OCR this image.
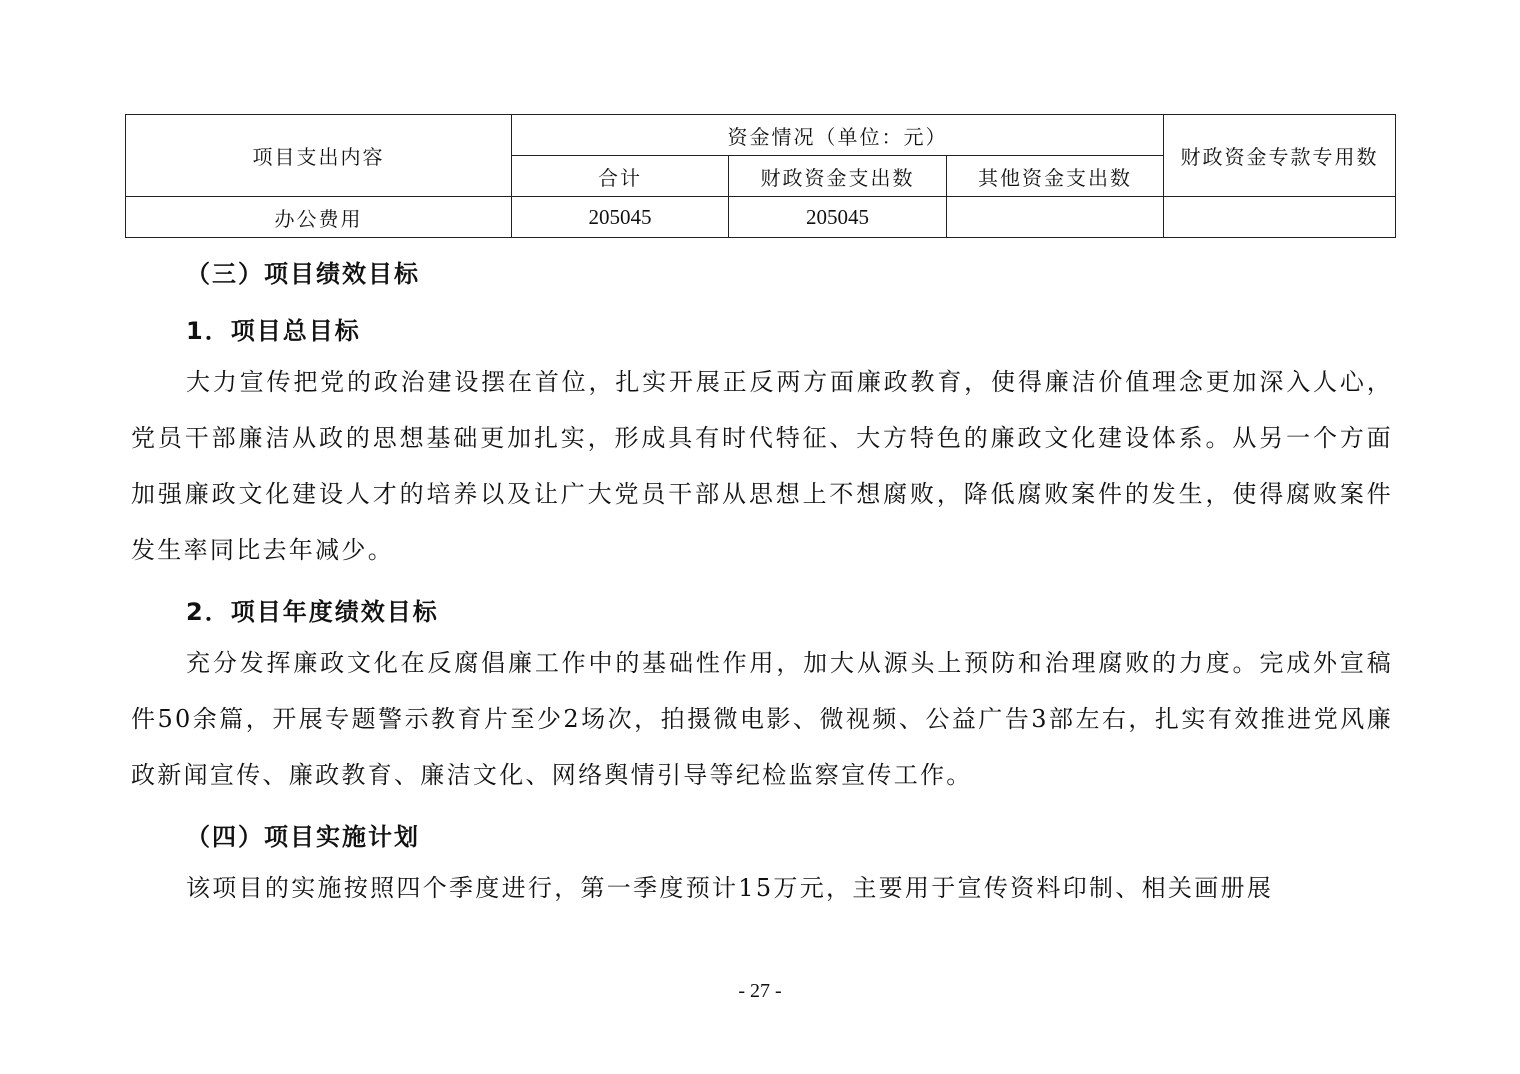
项目支出内容	资金情况（单位：元）			财政资金专款专用数
	合计	财政资金支出数	其他资金支出数	
办公费用	205045	205045		
（三）项目绩效目标
1．项目总目标

大力宣传把党的政治建设摆在首位，扎实开展正反两方面廉政教育，使得廉洁价值理念更加深入人心，党员干部廉洁从政的思想基础更加扎实，形成具有时代特征、大方特色的廉政文化建设体系。从另一个方面加强廉政文化建设人才的培养以及让广大党员干部从思想上不想腐败，降低腐败案件的发生，使得腐败案件发生率同比去年减少。

2．项目年度绩效目标

充分发挥廉政文化在反腐倡廉工作中的基础性作用，加大从源头上预防和治理腐败的力度。完成外宣稿件50余篇，开展专题警示教育片至少2场次，拍摄微电影、微视频、公益广告3部左右，扎实有效推进党风廉政新闻宣传、廉政教育、廉洁文化、网络舆情引导等纪检监察宣传工作。

（四）项目实施计划

该项目的实施按照四个季度进行，第一季度预计15万元，主要用于宣传资料印制、相关画册展

- 27 -
